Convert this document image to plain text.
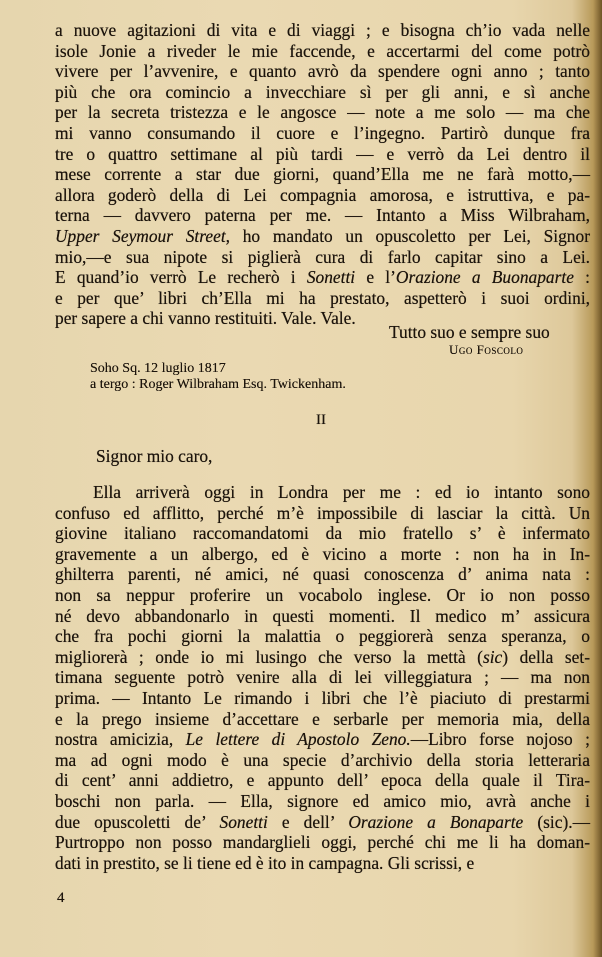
a nuove agitazioni di vita e di viaggi ; e bisogna ch’io vada nelle
isole Jonie a riveder le mie faccende, e accertarmi del come potrò
vivere per l’avvenire, e quanto avrò da spendere ogni anno ; tanto
più che ora comincio a invecchiare sì per gli anni, e sì anche
per la secreta tristezza e le angosce — note a me solo — ma che
mi vanno consumando il cuore e l’ingegno. Partirò dunque fra
tre o quattro settimane al più tardi — e verrò da Lei dentro il
mese corrente a star due giorni, quand’Ella me ne farà motto,—
allora goderò della di Lei compagnia amorosa, e istruttiva, e pa-
terna — davvero paterna per me. — Intanto a Miss Wilbraham,
Upper Seymour Street, ho mandato un opuscoletto per Lei, Signor
mio,—e sua nipote si piglierà cura di farlo capitar sino a Lei.
E quand’io verrò Le recherò i Sonetti e l’Orazione a Buonaparte :
e per que’ libri ch’Ella mi ha prestato, aspetterò i suoi ordini,
per sapere a chi vanno restituiti. Vale. Vale.
Tutto suo e sempre suo
Ugo Foscolo
Soho Sq. 12 luglio 1817
a tergo : Roger Wilbraham Esq. Twickenham.
II
Signor mio caro,
Ella arriverà oggi in Londra per me : ed io intanto sono
confuso ed afflitto, perché m’è impossibile di lasciar la città. Un
giovine italiano raccomandatomi da mio fratello s’ è infermato
gravemente a un albergo, ed è vicino a morte : non ha in In-
ghilterra parenti, né amici, né quasi conoscenza d’ anima nata :
non sa neppur proferire un vocabolo inglese. Or io non posso
né devo abbandonarlo in questi momenti. Il medico m’ assicura
che fra pochi giorni la malattia o peggiorerà senza speranza, o
migliorerà ; onde io mi lusingo che verso la mettà (sic) della set-
timana seguente potrò venire alla di lei villeggiatura ; — ma non
prima. — Intanto Le rimando i libri che l’è piaciuto di prestarmi
e la prego insieme d’accettare e serbarle per memoria mia, della
nostra amicizia, Le lettere di Apostolo Zeno.—Libro forse nojoso ;
ma ad ogni modo è una specie d’archivio della storia letteraria
di cent’ anni addietro, e appunto dell’ epoca della quale il Tira-
boschi non parla. — Ella, signore ed amico mio, avrà anche i
due opuscoletti de’ Sonetti e dell’ Orazione a Bonaparte (sic).—
Purtroppo non posso mandarglieli oggi, perché chi me li ha doman-
dati in prestito, se li tiene ed è ito in campagna. Gli scrissi, e
4
